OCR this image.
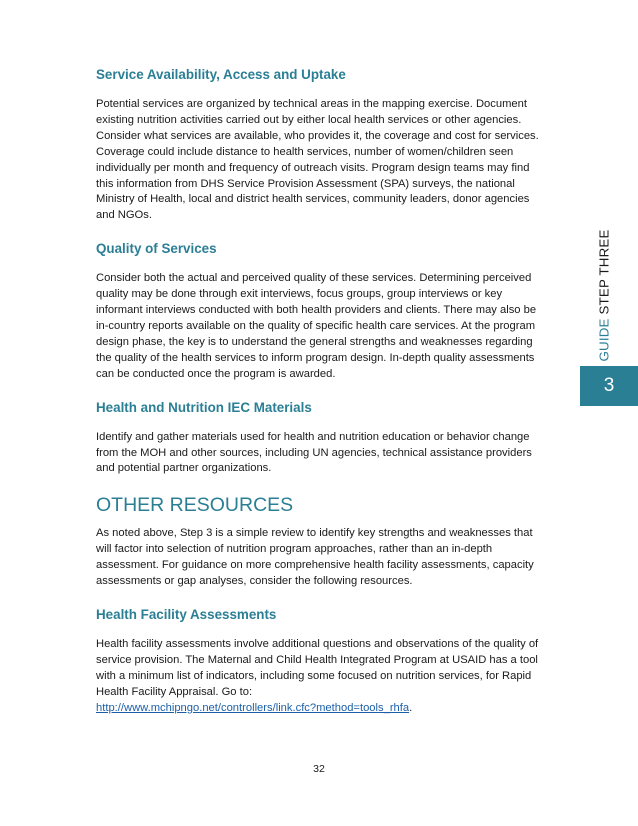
Service Availability, Access and Uptake

Potential services are organized by technical areas in the mapping exercise. Document existing nutrition activities carried out by either local health services or other agencies. Consider what services are available, who provides it, the coverage and cost for services. Coverage could include distance to health services, number of women/children seen individually per month and frequency of outreach visits. Program design teams may find this information from DHS Service Provision Assessment (SPA) surveys, the national Ministry of Health, local and district health services, community leaders, donor agencies and NGOs.

Quality of Services

Consider both the actual and perceived quality of these services. Determining perceived quality may be done through exit interviews, focus groups, group interviews or key informant interviews conducted with both health providers and clients. There may also be in-country reports available on the quality of specific health care services. At the program design phase, the key is to understand the general strengths and weaknesses regarding the quality of the health services to inform program design. In-depth quality assessments can be conducted once the program is awarded.

Health and Nutrition IEC Materials

Identify and gather materials used for health and nutrition education or behavior change from the MOH and other sources, including UN agencies, technical assistance providers and potential partner organizations.

OTHER RESOURCES

As noted above, Step 3 is a simple review to identify key strengths and weaknesses that will factor into selection of nutrition program approaches, rather than an in-depth assessment. For guidance on more comprehensive health facility assessments, capacity assessments or gap analyses, consider the following resources.

Health Facility Assessments

Health facility assessments involve additional questions and observations of the quality of service provision. The Maternal and Child Health Integrated Program at USAID has a tool with a minimum list of indicators, including some focused on nutrition services, for Rapid Health Facility Appraisal. Go to:
http://www.mchipngo.net/controllers/link.cfc?method=tools_rhfa.

GUIDE STEP THREE
3
32
